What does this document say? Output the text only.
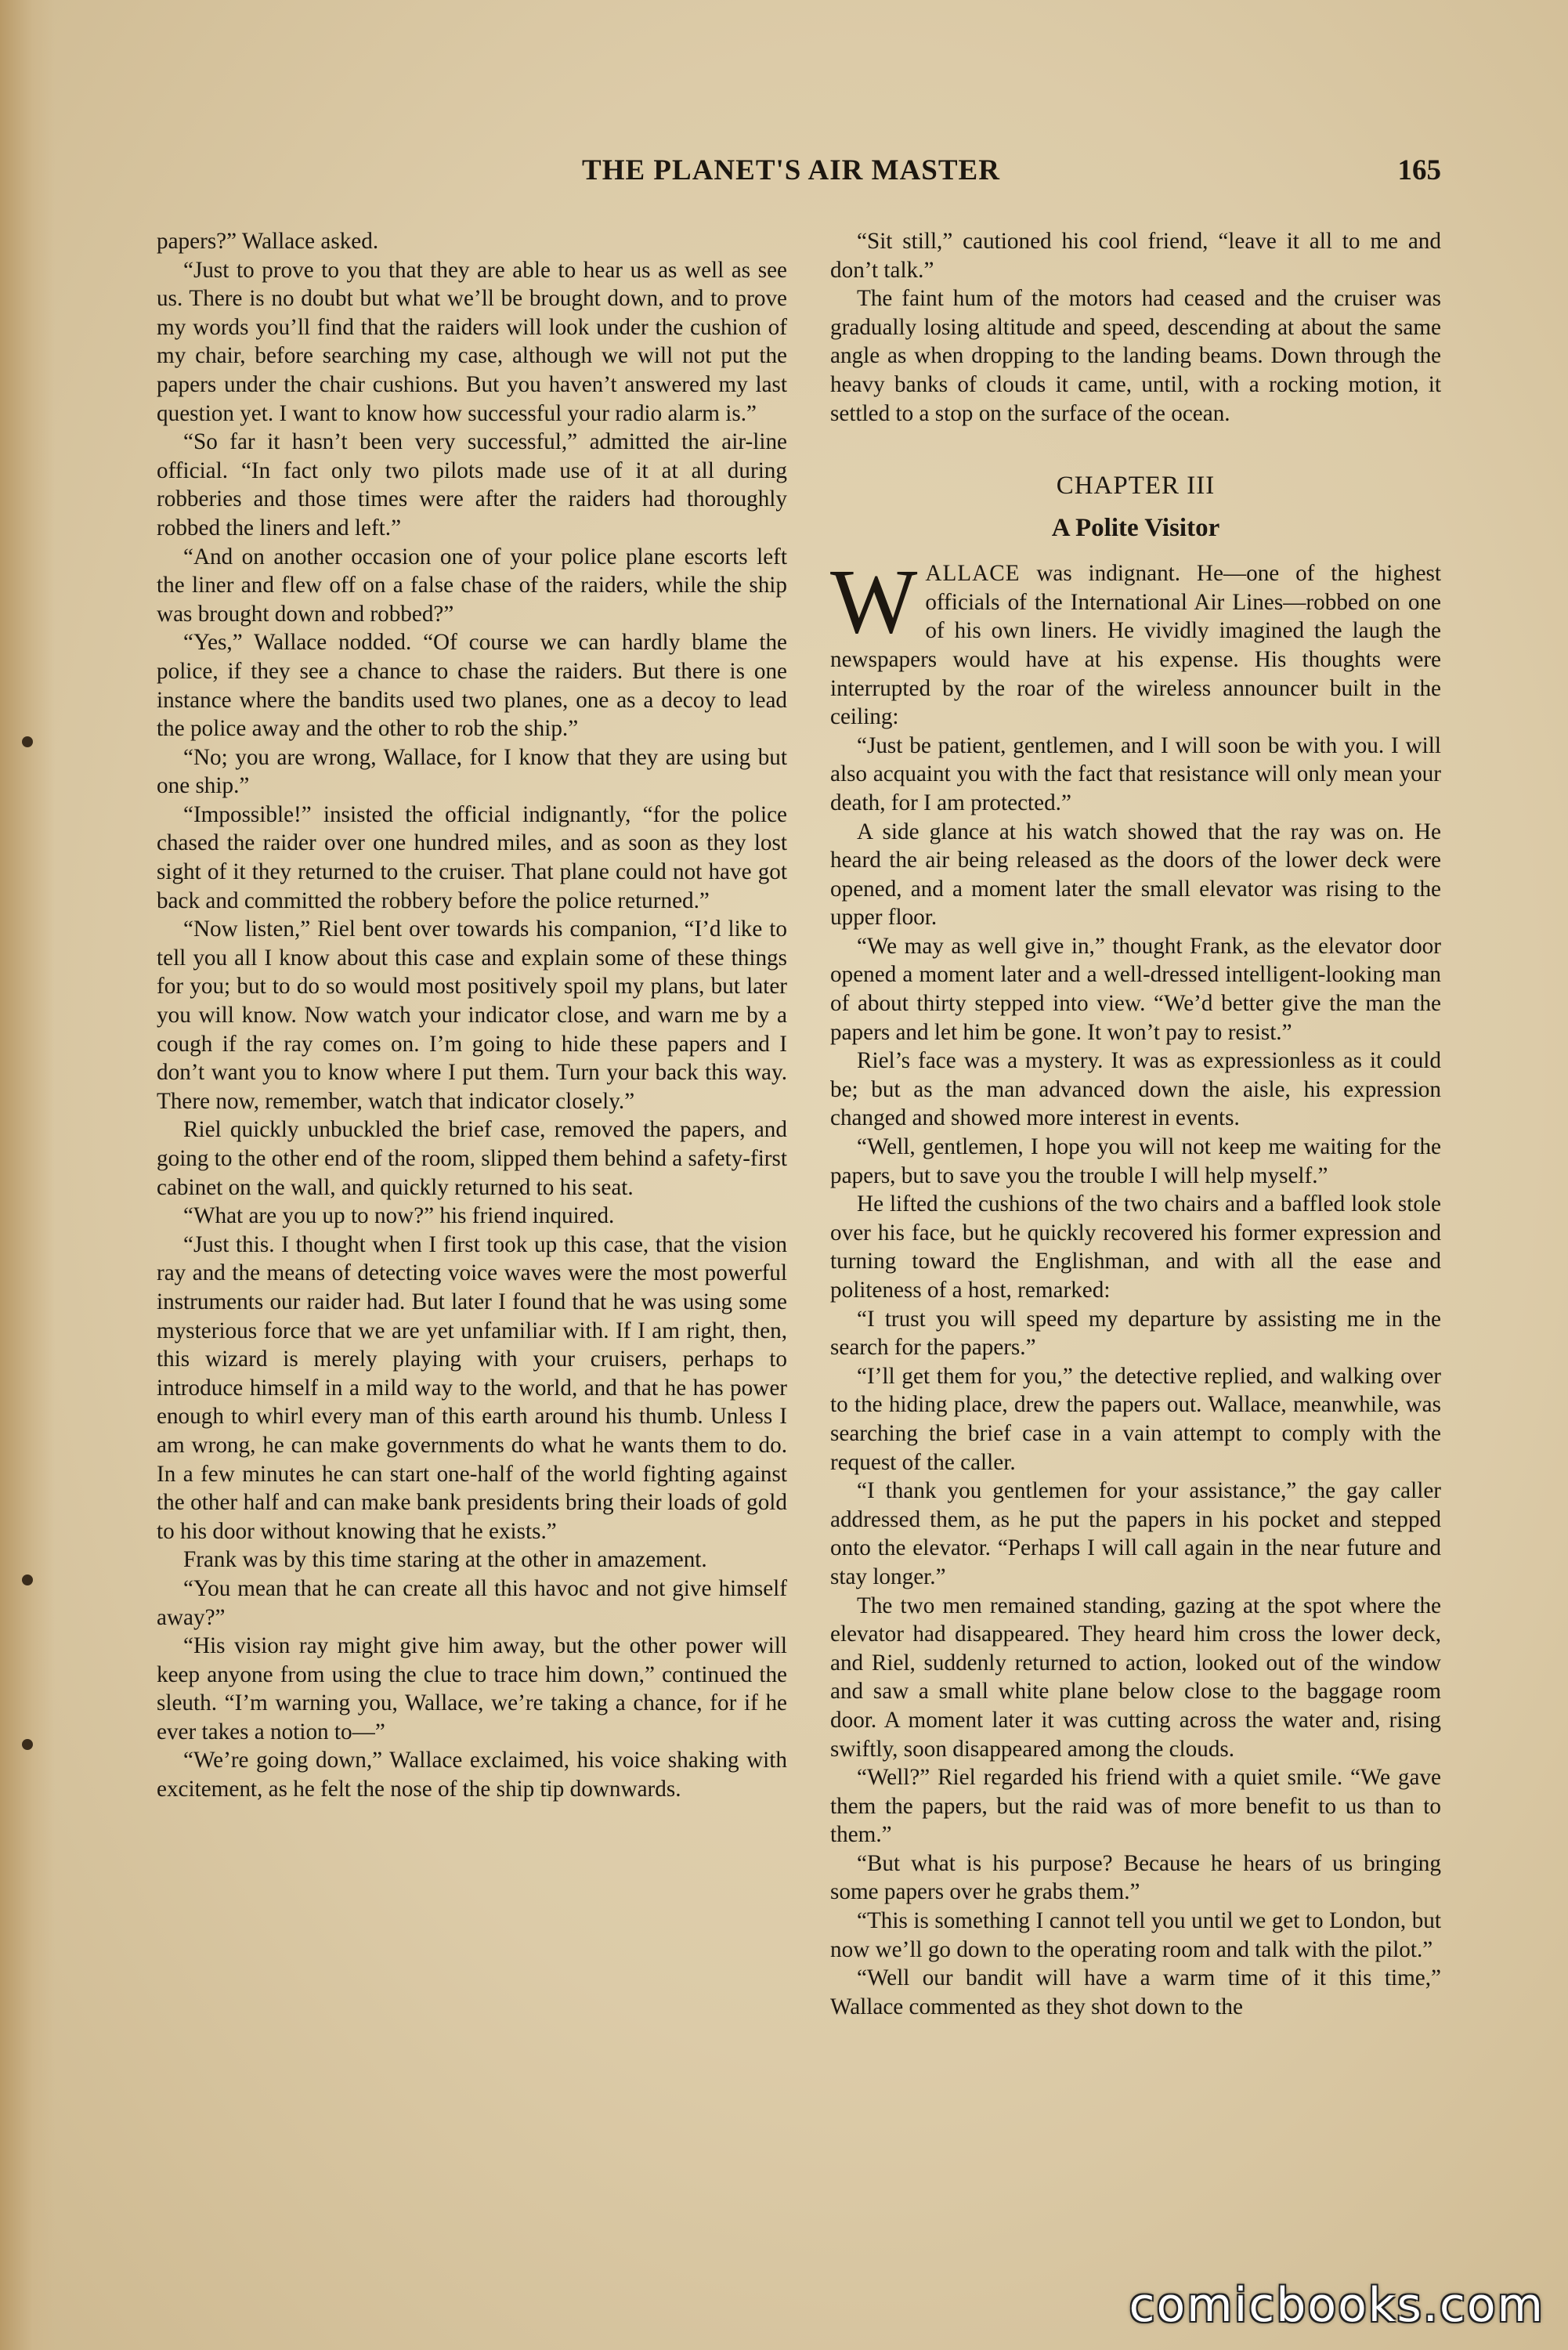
THE PLANET'S AIR MASTER	165

papers?” Wallace asked.

“Just to prove to you that they are able to hear us as well as see us. There is no doubt but what we’ll be brought down, and to prove my words you’ll find that the raiders will look under the cushion of my chair, before searching my case, although we will not put the papers under the chair cushions. But you haven’t answered my last question yet. I want to know how successful your radio alarm is.”

“So far it hasn’t been very successful,” admitted the air-line official. “In fact only two pilots made use of it at all during robberies and those times were after the raiders had thoroughly robbed the liners and left.”

“And on another occasion one of your police plane escorts left the liner and flew off on a false chase of the raiders, while the ship was brought down and robbed?”

“Yes,” Wallace nodded. “Of course we can hardly blame the police, if they see a chance to chase the raiders. But there is one instance where the bandits used two planes, one as a decoy to lead the police away and the other to rob the ship.”

“No; you are wrong, Wallace, for I know that they are using but one ship.”

“Impossible!” insisted the official indignantly, “for the police chased the raider over one hundred miles, and as soon as they lost sight of it they returned to the cruiser. That plane could not have got back and committed the robbery before the police returned.”

“Now listen,” Riel bent over towards his companion, “I’d like to tell you all I know about this case and explain some of these things for you; but to do so would most positively spoil my plans, but later you will know. Now watch your indicator close, and warn me by a cough if the ray comes on. I’m going to hide these papers and I don’t want you to know where I put them. Turn your back this way. There now, remember, watch that indicator closely.”

Riel quickly unbuckled the brief case, removed the papers, and going to the other end of the room, slipped them behind a safety-first cabinet on the wall, and quickly returned to his seat.

“What are you up to now?” his friend inquired.

“Just this. I thought when I first took up this case, that the vision ray and the means of detecting voice waves were the most powerful instruments our raider had. But later I found that he was using some mysterious force that we are yet unfamiliar with. If I am right, then, this wizard is merely playing with your cruisers, perhaps to introduce himself in a mild way to the world, and that he has power enough to whirl every man of this earth around his thumb. Unless I am wrong, he can make governments do what he wants them to do. In a few minutes he can start one-half of the world fighting against the other half and can make bank presidents bring their loads of gold to his door without knowing that he exists.”

Frank was by this time staring at the other in amazement.

“You mean that he can create all this havoc and not give himself away?”

“His vision ray might give him away, but the other power will keep anyone from using the clue to trace him down,” continued the sleuth. “I’m warning you, Wallace, we’re taking a chance, for if he ever takes a notion to—”

“We’re going down,” Wallace exclaimed, his voice shaking with excitement, as he felt the nose of the ship tip downwards.

“Sit still,” cautioned his cool friend, “leave it all to me and don’t talk.”

The faint hum of the motors had ceased and the cruiser was gradually losing altitude and speed, descending at about the same angle as when dropping to the landing beams. Down through the heavy banks of clouds it came, until, with a rocking motion, it settled to a stop on the surface of the ocean.

CHAPTER III
A Polite Visitor

WALLACE was indignant. He—one of the highest officials of the International Air Lines—robbed on one of his own liners. He vividly imagined the laugh the newspapers would have at his expense. His thoughts were interrupted by the roar of the wireless announcer built in the ceiling:

“Just be patient, gentlemen, and I will soon be with you. I will also acquaint you with the fact that resistance will only mean your death, for I am protected.”

A side glance at his watch showed that the ray was on. He heard the air being released as the doors of the lower deck were opened, and a moment later the small elevator was rising to the upper floor.

“We may as well give in,” thought Frank, as the elevator door opened a moment later and a well-dressed intelligent-looking man of about thirty stepped into view. “We’d better give the man the papers and let him be gone. It won’t pay to resist.”

Riel’s face was a mystery. It was as expressionless as it could be; but as the man advanced down the aisle, his expression changed and showed more interest in events.

“Well, gentlemen, I hope you will not keep me waiting for the papers, but to save you the trouble I will help myself.”

He lifted the cushions of the two chairs and a baffled look stole over his face, but he quickly recovered his former expression and turning toward the Englishman, and with all the ease and politeness of a host, remarked:

“I trust you will speed my departure by assisting me in the search for the papers.”

“I’ll get them for you,” the detective replied, and walking over to the hiding place, drew the papers out. Wallace, meanwhile, was searching the brief case in a vain attempt to comply with the request of the caller.

“I thank you gentlemen for your assistance,” the gay caller addressed them, as he put the papers in his pocket and stepped onto the elevator. “Perhaps I will call again in the near future and stay longer.”

The two men remained standing, gazing at the spot where the elevator had disappeared. They heard him cross the lower deck, and Riel, suddenly returned to action, looked out of the window and saw a small white plane below close to the baggage room door. A moment later it was cutting across the water and, rising swiftly, soon disappeared among the clouds.

“Well?” Riel regarded his friend with a quiet smile. “We gave them the papers, but the raid was of more benefit to us than to them.”

“But what is his purpose? Because he hears of us bringing some papers over he grabs them.”

“This is something I cannot tell you until we get to London, but now we’ll go down to the operating room and talk with the pilot.”

“Well our bandit will have a warm time of it this time,” Wallace commented as they shot down to the

comicbooks.com
